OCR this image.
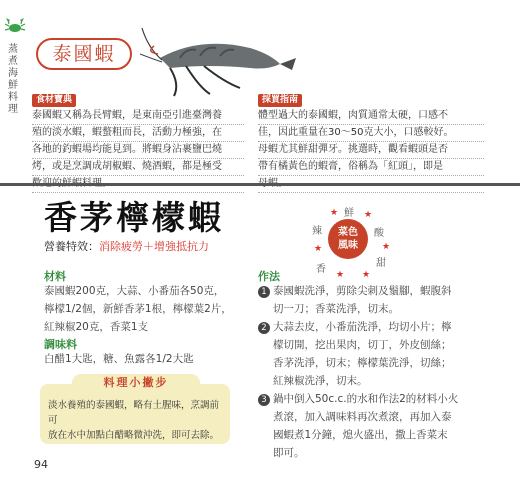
蒸
煮
海
鮮
料
理
泰國蝦
食材寶典
泰國蝦又稱為長臂蝦，是東南亞引進臺灣養
殖的淡水蝦，蝦螯粗而長，活動力極強，在
各地的釣蝦場均能見到。將蝦身沾裹鹽巴燒
烤，或是烹調成胡椒蝦、燒酒蝦，都是極受
採買指南
體型過大的泰國蝦，肉質通常太硬，口感不
佳，因此重量在30～50克大小，口感較好。
母蝦尤其鮮甜彈牙。挑選時，觀看蝦頭是否
帶有橘黃色的蝦膏，俗稱為「紅頭」，即是
香茅檸檬蝦
營養特效：消除疲勞＋增強抵抗力
菜色
風味
鮮
酸
甜
香
辣
★	★
★
★
★
★
材料
泰國蝦200克，大蒜、小番茄各50克，
檸檬1/2個，新鮮香茅1根，檸檬葉2片，
紅辣椒20克，香菜1支
調味料
白醋1大匙，糖、魚露各1/2大匙
作法
1 泰國蝦洗淨，剪除尖刺及鬚腳，蝦腹斜
切一刀；香菜洗淨，切末。
2 大蒜去皮，小番茄洗淨，均切小片；檸
檬切開，挖出果肉，切丁，外皮刨絲；
香茅洗淨，切末；檸檬葉洗淨，切絲；
紅辣椒洗淨，切末。
3 鍋中倒入50c.c.的水和作法2的材料小火
煮滾，加入調味料再次煮滾，再加入泰
國蝦煮1分鐘，熄火盛出，撒上香菜末
即可。
淡水養殖的泰國蝦，略有土腥味，烹調前可
放在水中加點白醋略微沖洗，即可去除。
料理小撇步
94
